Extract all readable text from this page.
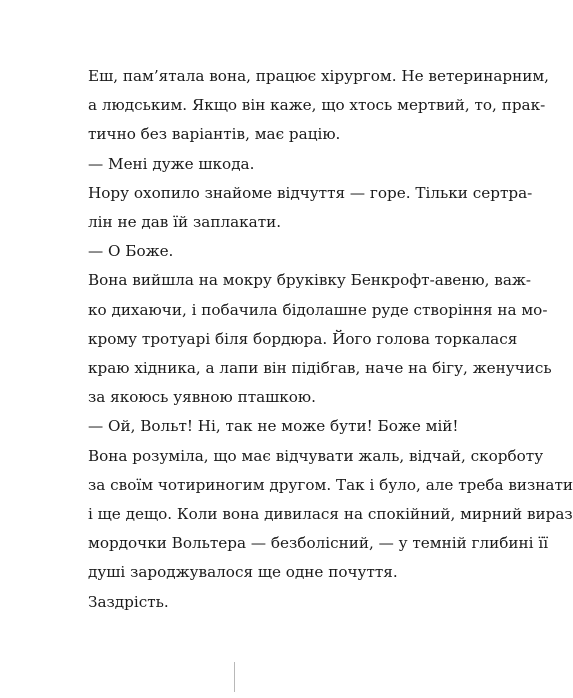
Еш, пам’ятала вона, працює хірургом. Не ветеринарним,
а людським. Якщо він каже, що хтось мертвий, то, прак-
тично без варіантів, має рацію.

— Мені дуже шкода.

Нору охопило знайоме відчуття — горе. Тільки сертра-
лін не дав їй заплакати.

— О Боже.

Вона вийшла на мокру бруківку Бенкрофт-авеню, важ-
ко дихаючи, і побачила бідолашне руде створіння на мо-
крому тротуарі біля бордюра. Його голова торкалася
краю хідника, а лапи він підібгав, наче на бігу, женучись
за якоюсь уявною пташкою.

— Ой, Вольт! Ні, так не може бути! Боже мій!

Вона розуміла, що має відчувати жаль, відчай, скорботу
за своїм чотириногим другом. Так і було, але треба визнати
і ще дещо. Коли вона дивилася на спокійний, мирний вираз
мордочки Вольтера — безболісний, — у темній глибині її
душі зароджувалося ще одне почуття.

Заздрість.
